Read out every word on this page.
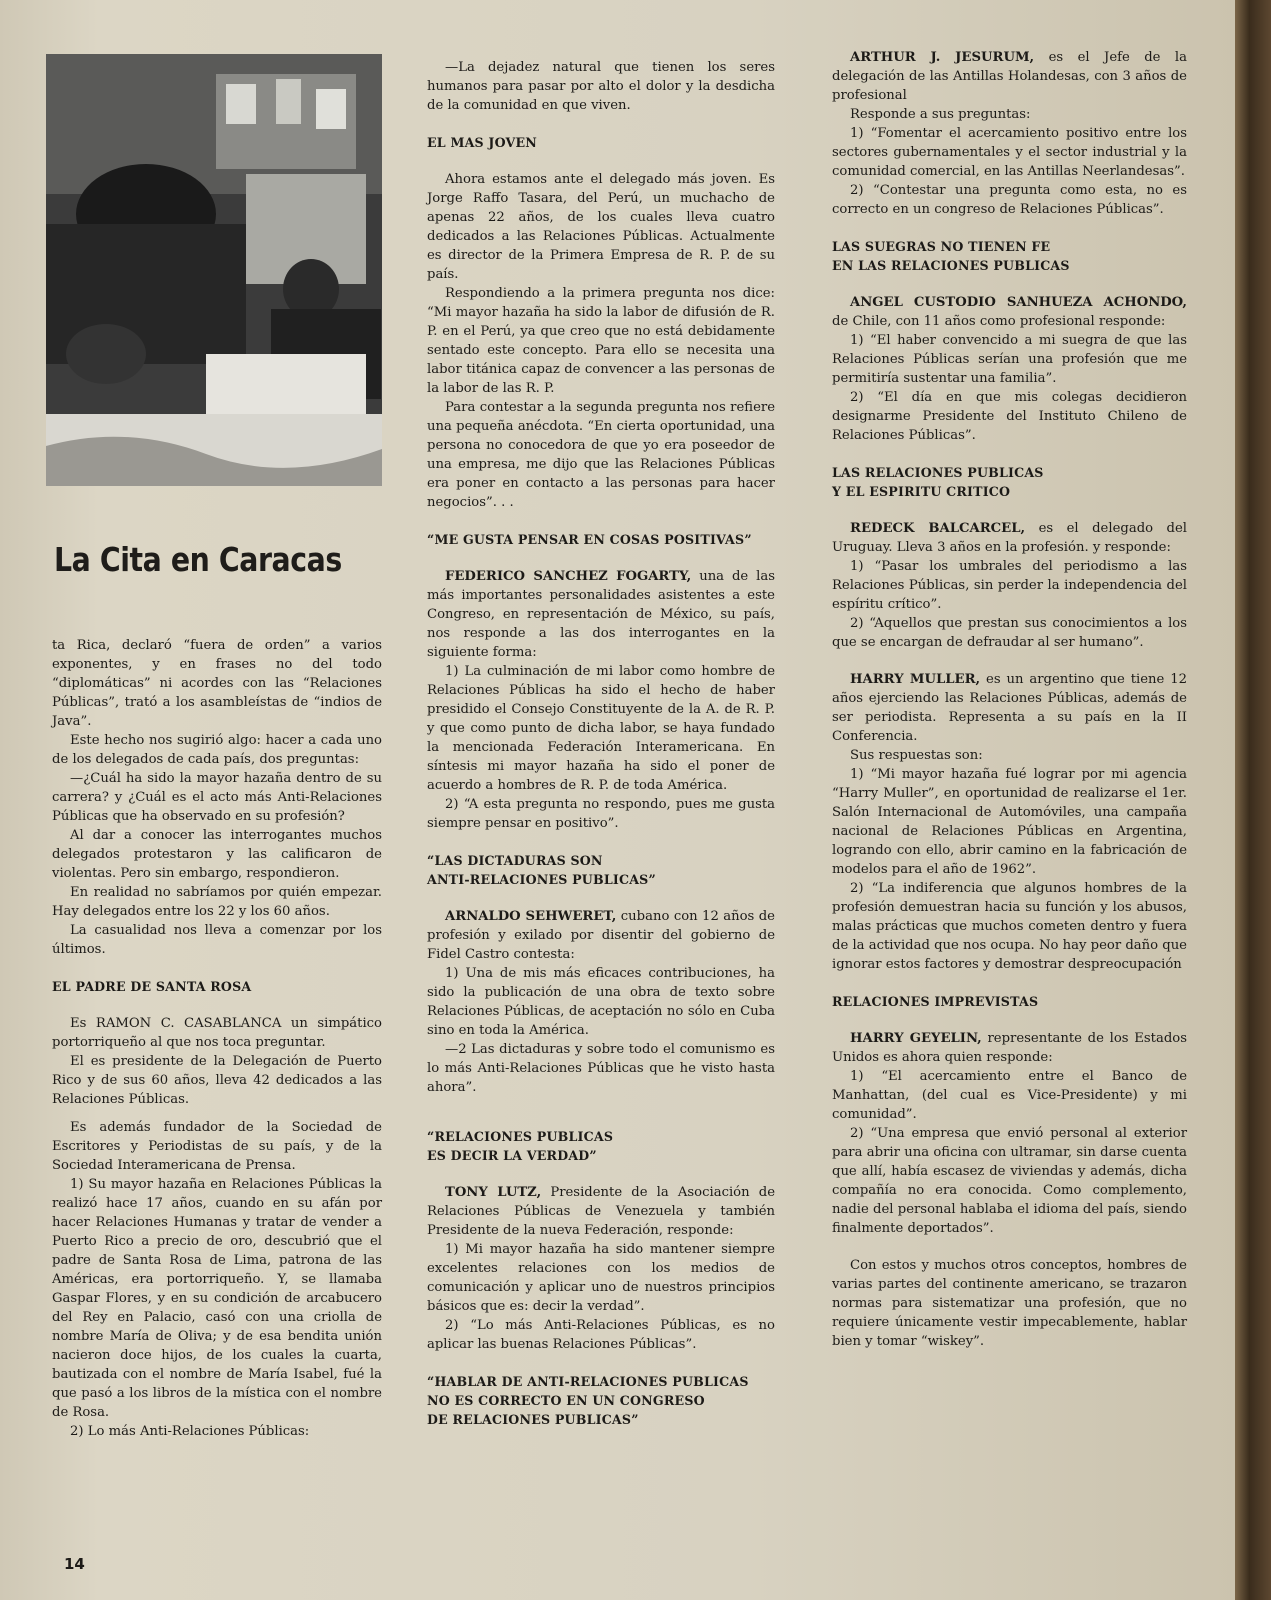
La Cita en Caracas

ta Rica, declaró “fuera de orden” a varios exponentes, y en frases no del todo “diplomáticas” ni acordes con las “Relaciones Públicas”, trató a los asambleístas de “indios de Java”.

Este hecho nos sugirió algo: hacer a cada uno de los delegados de cada país, dos preguntas:

—¿Cuál ha sido la mayor hazaña dentro de su carrera? y ¿Cuál es el acto más Anti-Relaciones Públicas que ha observado en su profesión?

Al dar a conocer las interrogantes muchos delegados protestaron y las calificaron de violentas. Pero sin embargo, respondieron.

En realidad no sabríamos por quién empezar. Hay delegados entre los 22 y los 60 años.

La casualidad nos lleva a comenzar por los últimos.

EL PADRE DE SANTA ROSA

Es RAMON C. CASABLANCA un simpático portorriqueño al que nos toca preguntar.

El es presidente de la Delegación de Puerto Rico y de sus 60 años, lleva 42 dedicados a las Relaciones Públicas.

Es además fundador de la Sociedad de Escritores y Periodistas de su país, y de la Sociedad Interamericana de Prensa.

1) Su mayor hazaña en Relaciones Públicas la realizó hace 17 años, cuando en su afán por hacer Relaciones Humanas y tratar de vender a Puerto Rico a precio de oro, descubrió que el padre de Santa Rosa de Lima, patrona de las Américas, era portorriqueño. Y, se llamaba Gaspar Flores, y en su condición de arcabucero del Rey en Palacio, casó con una criolla de nombre María de Oliva; y de esa bendita unión nacieron doce hijos, de los cuales la cuarta, bautizada con el nombre de María Isabel, fué la que pasó a los libros de la mística con el nombre de Rosa.

2) Lo más Anti-Relaciones Públicas:

—La dejadez natural que tienen los seres humanos para pasar por alto el dolor y la desdicha de la comunidad en que viven.

EL MAS JOVEN

Ahora estamos ante el delegado más joven. Es Jorge Raffo Tasara, del Perú, un muchacho de apenas 22 años, de los cuales lleva cuatro dedicados a las Relaciones Públicas. Actualmente es director de la Primera Empresa de R. P. de su país.

Respondiendo a la primera pregunta nos dice: “Mi mayor hazaña ha sido la labor de difusión de R. P. en el Perú, ya que creo que no está debidamente sentado este concepto. Para ello se necesita una labor titánica capaz de convencer a las personas de la labor de las R. P.

Para contestar a la segunda pregunta nos refiere una pequeña anécdota. “En cierta oportunidad, una persona no conocedora de que yo era poseedor de una empresa, me dijo que las Relaciones Públicas era poner en contacto a las personas para hacer negocios”. . .

“ME GUSTA PENSAR EN COSAS POSITIVAS”

FEDERICO SANCHEZ FOGARTY, una de las más importantes personalidades asistentes a este Congreso, en representación de México, su país, nos responde a las dos interrogantes en la siguiente forma:

1) La culminación de mi labor como hombre de Relaciones Públicas ha sido el hecho de haber presidido el Consejo Constituyente de la A. de R. P. y que como punto de dicha labor, se haya fundado la mencionada Federación Interamericana. En síntesis mi mayor hazaña ha sido el poner de acuerdo a hombres de R. P. de toda América.

2) “A esta pregunta no respondo, pues me gusta siempre pensar en positivo”.

“LAS DICTADURAS SON
ANTI-RELACIONES PUBLICAS”

ARNALDO SEHWERET, cubano con 12 años de profesión y exilado por disentir del gobierno de Fidel Castro contesta:

1) Una de mis más eficaces contribuciones, ha sido la publicación de una obra de texto sobre Relaciones Públicas, de aceptación no sólo en Cuba sino en toda la América.

—2 Las dictaduras y sobre todo el comunismo es lo más Anti-Relaciones Públicas que he visto hasta ahora”.

“RELACIONES PUBLICAS
ES DECIR LA VERDAD”

TONY LUTZ, Presidente de la Asociación de Relaciones Públicas de Venezuela y también Presidente de la nueva Federación, responde:

1) Mi mayor hazaña ha sido mantener siempre excelentes relaciones con los medios de comunicación y aplicar uno de nuestros principios básicos que es: decir la verdad”.

2) “Lo más Anti-Relaciones Públicas, es no aplicar las buenas Relaciones Públicas”.

“HABLAR DE ANTI-RELACIONES PUBLICAS
NO ES CORRECTO EN UN CONGRESO
DE RELACIONES PUBLICAS”

ARTHUR J. JESURUM, es el Jefe de la delegación de las Antillas Holandesas, con 3 años de profesional

Responde a sus preguntas:

1) “Fomentar el acercamiento positivo entre los sectores gubernamentales y el sector industrial y la comunidad comercial, en las Antillas Neerlandesas”.

2) “Contestar una pregunta como esta, no es correcto en un congreso de Relaciones Públicas”.

LAS SUEGRAS NO TIENEN FE
EN LAS RELACIONES PUBLICAS

ANGEL CUSTODIO SANHUEZA ACHONDO, de Chile, con 11 años como profesional responde:

1) “El haber convencido a mi suegra de que las Relaciones Públicas serían una profesión que me permitiría sustentar una familia”.

2) “El día en que mis colegas decidieron designarme Presidente del Instituto Chileno de Relaciones Públicas”.

LAS RELACIONES PUBLICAS
Y EL ESPIRITU CRITICO

REDECK BALCARCEL, es el delegado del Uruguay. Lleva 3 años en la profesión. y responde:

1) “Pasar los umbrales del periodismo a las Relaciones Públicas, sin perder la independencia del espíritu crítico”.

2) “Aquellos que prestan sus conocimientos a los que se encargan de defraudar al ser humano”.

HARRY MULLER, es un argentino que tiene 12 años ejerciendo las Relaciones Públicas, además de ser periodista. Representa a su país en la II Conferencia.

Sus respuestas son:

1) “Mi mayor hazaña fué lograr por mi agencia “Harry Muller”, en oportunidad de realizarse el 1er. Salón Internacional de Automóviles, una campaña nacional de Relaciones Públicas en Argentina, logrando con ello, abrir camino en la fabricación de modelos para el año de 1962”.

2) “La indiferencia que algunos hombres de la profesión demuestran hacia su función y los abusos, malas prácticas que muchos cometen dentro y fuera de la actividad que nos ocupa. No hay peor daño que ignorar estos factores y demostrar despreocupación

RELACIONES IMPREVISTAS

HARRY GEYELIN, representante de los Estados Unidos es ahora quien responde:

1) “El acercamiento entre el Banco de Manhattan, (del cual es Vice-Presidente) y mi comunidad”.

2) “Una empresa que envió personal al exterior para abrir una oficina con ultramar, sin darse cuenta que allí, había escasez de viviendas y además, dicha compañía no era conocida. Como complemento, nadie del personal hablaba el idioma del país, siendo finalmente deportados”.

Con estos y muchos otros conceptos, hombres de varias partes del continente americano, se trazaron normas para sistematizar una profesión, que no requiere únicamente vestir impecablemente, hablar bien y tomar “wiskey”.

14
